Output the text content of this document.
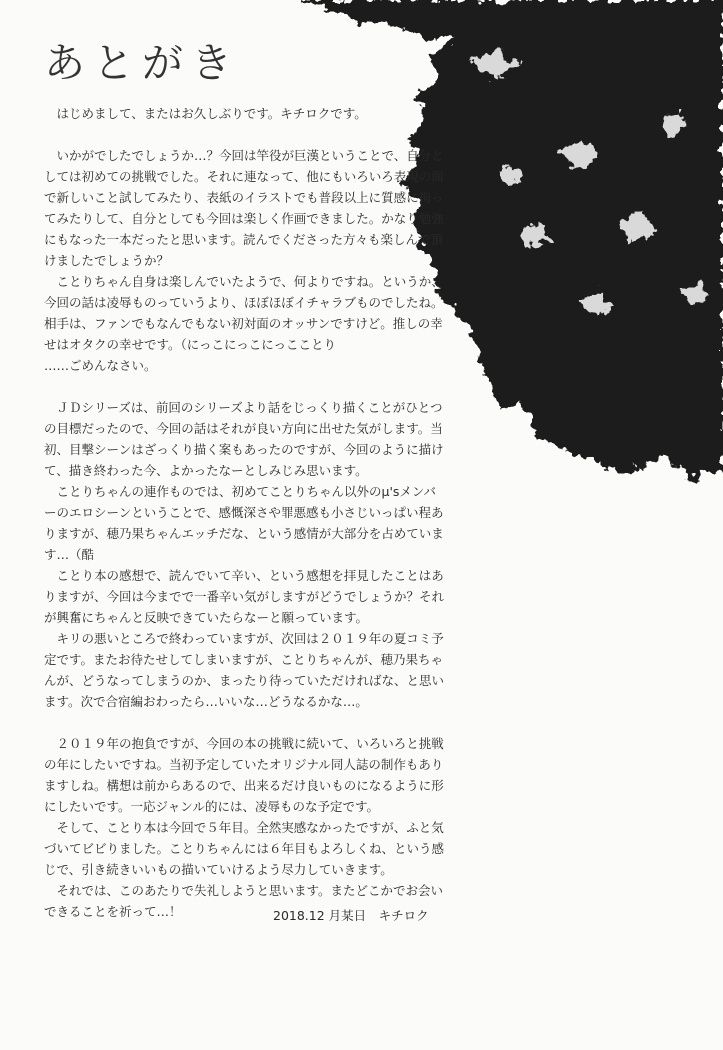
あとがき
　はじめまして、またはお久しぶりです。キチロクです。
　いかがでしたでしょうか…？今回は竿役が巨漢ということで、自分と
しては初めての挑戦でした。それに連なって、他にもいろいろ表現の面
で新しいこと試してみたり、表紙のイラストでも普段以上に質感に拘っ
てみたりして、自分としても今回は楽しく作画できました。かなり勉強
にもなった一本だったと思います。読んでくださった方々も楽しんで頂
けましたでしょうか？
　ことりちゃん自身は楽しんでいたようで、何よりですね。というか、
今回の話は凌辱ものっていうより、ほぼほぼイチャラブものでしたね。
相手は、ファンでもなんでもない初対面のオッサンですけど。推しの幸
せはオタクの幸せです。（にっこにっこにっこことり
……ごめんなさい。
　ＪＤシリーズは、前回のシリーズより話をじっくり描くことがひとつ
の目標だったので、今回の話はそれが良い方向に出せた気がします。当
初、目撃シーンはざっくり描く案もあったのですが、今回のように描け
て、描き終わった今、よかったなーとしみじみ思います。
　ことりちゃんの連作ものでは、初めてことりちゃん以外のμ'sメンバ
ーのエロシーンということで、感慨深さや罪悪感も小さじいっぱい程あ
りますが、穂乃果ちゃんエッチだな、という感情が大部分を占めていま
す…（酷
　ことり本の感想で、読んでいて辛い、という感想を拝見したことはあ
りますが、今回は今までで一番辛い気がしますがどうでしょうか？それ
が興奮にちゃんと反映できていたらなーと願っています。
　キリの悪いところで終わっていますが、次回は２０１９年の夏コミ予
定です。またお待たせしてしまいますが、ことりちゃんが、穂乃果ちゃ
んが、どうなってしまうのか、まったり待っていただければな、と思い
ます。次で合宿編おわったら…いいな…どうなるかな…。
　２０１９年の抱負ですが、今回の本の挑戦に続いて、いろいろと挑戦
の年にしたいですね。当初予定していたオリジナル同人誌の制作もあり
ますしね。構想は前からあるので、出来るだけ良いものになるように形
にしたいです。一応ジャンル的には、凌辱ものな予定です。
　そして、ことり本は今回で５年目。全然実感なかったですが、ふと気
づいてビビりました。ことりちゃんには６年目もよろしくね、という感
じで、引き続きいいもの描いていけるよう尽力していきます。
　それでは、このあたりで失礼しようと思います。またどこかでお会い
できることを祈って…！	2018.12 月某日　キチロク
